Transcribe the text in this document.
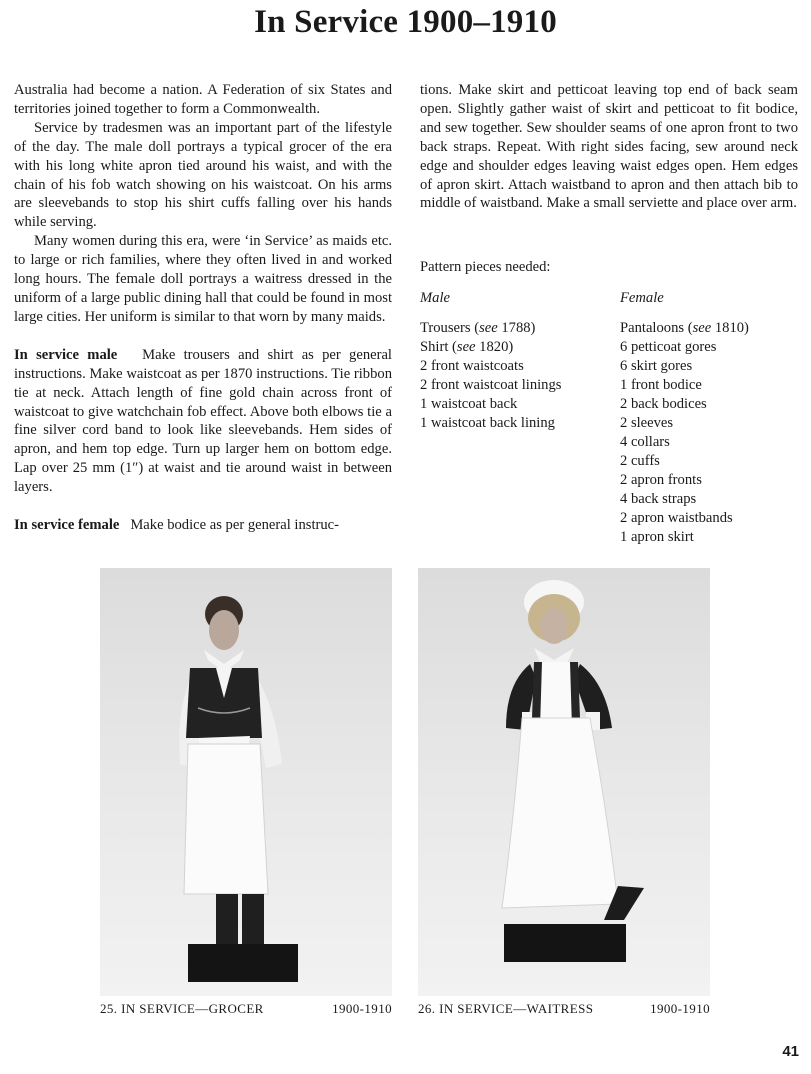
In Service 1900–1910

Australia had become a nation. A Federation of six States and territories joined together to form a Commonwealth.

Service by tradesmen was an important part of the lifestyle of the day. The male doll portrays a typical grocer of the era with his long white apron tied around his waist, and with the chain of his fob watch showing on his waistcoat. On his arms are sleevebands to stop his shirt cuffs falling over his hands while serving.

Many women during this era, were ‘in Service’ as maids etc. to large or rich families, where they often lived in and worked long hours. The female doll portrays a waitress dressed in the uniform of a large public dining hall that could be found in most large cities. Her uniform is similar to that worn by many maids.

In service male Make trousers and shirt as per general instructions. Make waistcoat as per 1870 instructions. Tie ribbon tie at neck. Attach length of fine gold chain across front of waistcoat to give watchchain fob effect. Above both elbows tie a fine silver cord band to look like sleevebands. Hem sides of apron, and hem top edge. Turn up larger hem on bottom edge. Lap over 25 mm (1″) at waist and tie around waist in between layers.

In service female Make bodice as per general instruc-

tions. Make skirt and petticoat leaving top end of back seam open. Slightly gather waist of skirt and petticoat to fit bodice, and sew together. Sew shoulder seams of one apron front to two back straps. Repeat. With right sides facing, sew around neck edge and shoulder edges leaving waist edges open. Hem edges of apron skirt. Attach waistband to apron and then attach bib to middle of waistband. Make a small serviette and place over arm.

Pattern pieces needed:
Male
Trousers (see 1788)
Shirt (see 1820)
2 front waistcoats
2 front waistcoat linings
1 waistcoat back
1 waistcoat back lining
Female
Pantaloons (see 1810)
6 petticoat gores
6 skirt gores
1 front bodice
2 back bodices
2 sleeves
4 collars
2 cuffs
2 apron fronts
4 back straps
2 apron waistbands
1 apron skirt
25. IN SERVICE—GROCER	1900-1910 26. IN SERVICE—WAITRESS	1900-1910
41
